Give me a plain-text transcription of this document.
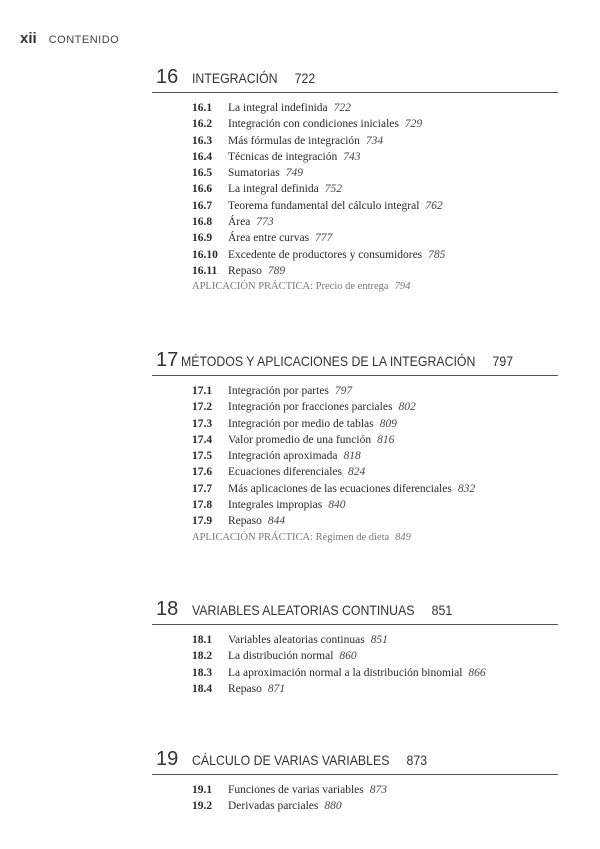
xii CONTENIDO
16 INTEGRACIÓN 722
16.1 La integral indefinida 722
16.2 Integración con condiciones iniciales 729
16.3 Más fórmulas de integración 734
16.4 Técnicas de integración 743
16.5 Sumatorias 749
16.6 La integral definida 752
16.7 Teorema fundamental del cálculo integral 762
16.8 Área 773
16.9 Área entre curvas 777
16.10 Excedente de productores y consumidores 785
16.11 Repaso 789
APLICACIÓN PRÁCTICA: Precio de entrega 794
17 MÉTODOS Y APLICACIONES DE LA INTEGRACIÓN 797
17.1 Integración por partes 797
17.2 Integración por fracciones parciales 802
17.3 Integración por medio de tablas 809
17.4 Valor promedio de una función 816
17.5 Integración aproximada 818
17.6 Ecuaciones diferenciales 824
17.7 Más aplicaciones de las ecuaciones diferenciales 832
17.8 Integrales impropias 840
17.9 Repaso 844
APLICACIÓN PRÁCTICA: Régimen de dieta 849
18 VARIABLES ALEATORIAS CONTINUAS 851
18.1 Variables aleatorias continuas 851
18.2 La distribución normal 860
18.3 La aproximación normal a la distribución binomial 866
18.4 Repaso 871
19 CÁLCULO DE VARIAS VARIABLES 873
19.1 Funciones de varias variables 873
19.2 Derivadas parciales 880
